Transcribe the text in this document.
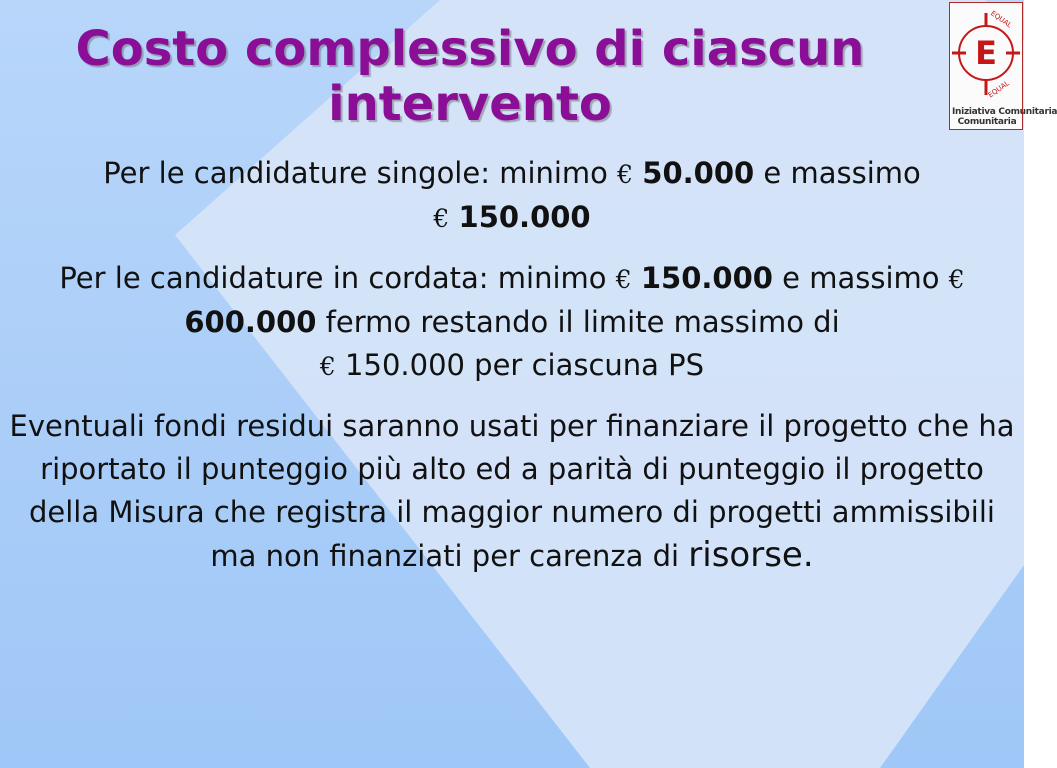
Costo complessivo di ciascun intervento
E
EQUAL
EQUAL
Iniziativa Comunitaria
Comunitaria

Per le candidature singole: minimo € 50.000 e massimo
€ 150.000

Per le candidature in cordata: minimo € 150.000 e massimo € 600.000 fermo restando il limite massimo di
€ 150.000 per ciascuna PS

Eventuali fondi residui saranno usati per finanziare il progetto che ha riportato il punteggio più alto ed a parità di punteggio il progetto della Misura che registra il maggior numero di progetti ammissibili ma non finanziati per carenza di risorse.
